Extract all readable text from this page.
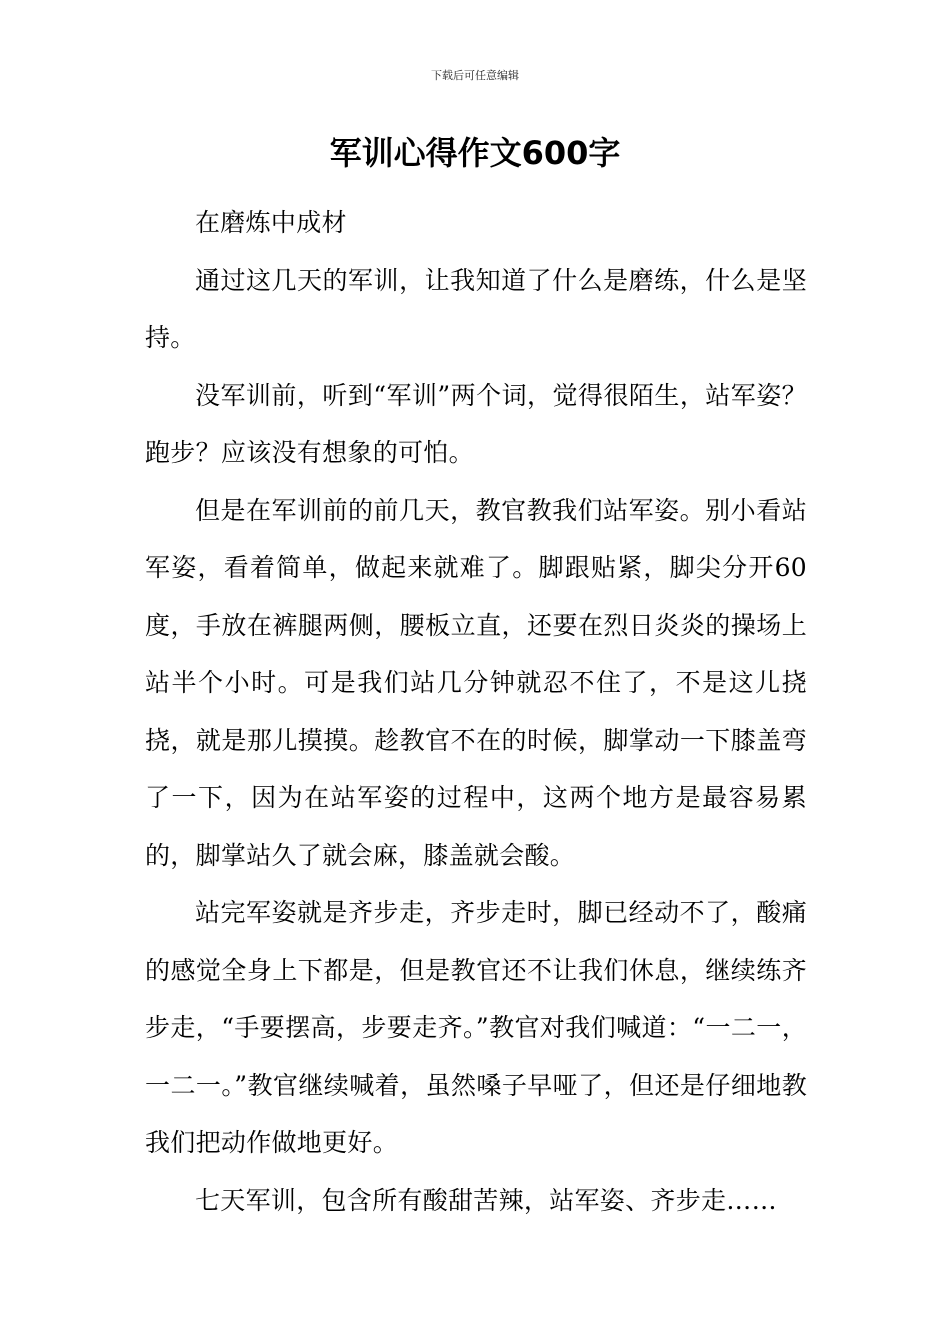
下载后可任意编辑
军训心得作文600字

在磨炼中成材

通过这几天的军训，让我知道了什么是磨练，什么是坚持。

没军训前，听到“军训”两个词，觉得很陌生，站军姿？跑步？应该没有想象的可怕。

但是在军训前的前几天，教官教我们站军姿。别小看站军姿，看着简单，做起来就难了。脚跟贴紧，脚尖分开60度，手放在裤腿两侧，腰板立直，还要在烈日炎炎的操场上站半个小时。可是我们站几分钟就忍不住了，不是这儿挠挠，就是那儿摸摸。趁教官不在的时候，脚掌动一下膝盖弯了一下，因为在站军姿的过程中，这两个地方是最容易累的，脚掌站久了就会麻，膝盖就会酸。

站完军姿就是齐步走，齐步走时，脚已经动不了，酸痛的感觉全身上下都是，但是教官还不让我们休息，继续练齐步走，“手要摆高，步要走齐。”教官对我们喊道：“一二一，一二一。”教官继续喊着，虽然嗓子早哑了，但还是仔细地教我们把动作做地更好。

七天军训，包含所有酸甜苦辣，站军姿、齐步走……
